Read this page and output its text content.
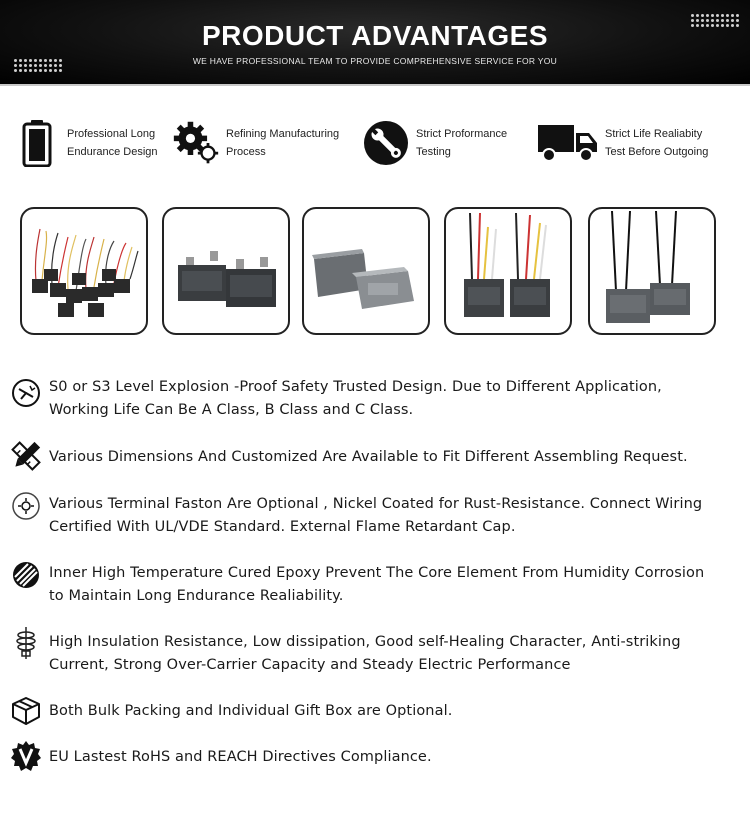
PRODUCT ADVANTAGES
WE HAVE PROFESSIONAL TEAM TO PROVIDE COMPREHENSIVE SERVICE FOR YOU
Professional Long
Endurance Design
Refining Manufacturing
Process
Strict Proformance
Testing
Strict Life Realiabity
Test Before Outgoing
S0 or S3 Level Explosion -Proof Safety Trusted Design. Due to Different Application,
Working Life Can Be A Class, B Class and C Class.
Various Dimensions And Customized Are Available to Fit Different Assembling Request.
Various Terminal Faston Are Optional , Nickel Coated for Rust-Resistance. Connect Wiring
Certified With UL/VDE Standard. External Flame Retardant Cap.
Inner High Temperature Cured Epoxy Prevent The Core Element From Humidity Corrosion
to Maintain Long Endurance Realiability.
High Insulation Resistance, Low dissipation, Good self-Healing Character, Anti-striking
Current, Strong Over-Carrier Capacity and Steady Electric Performance
Both Bulk Packing and Individual Gift Box are Optional.
EU Lastest RoHS and REACH Directives Compliance.
